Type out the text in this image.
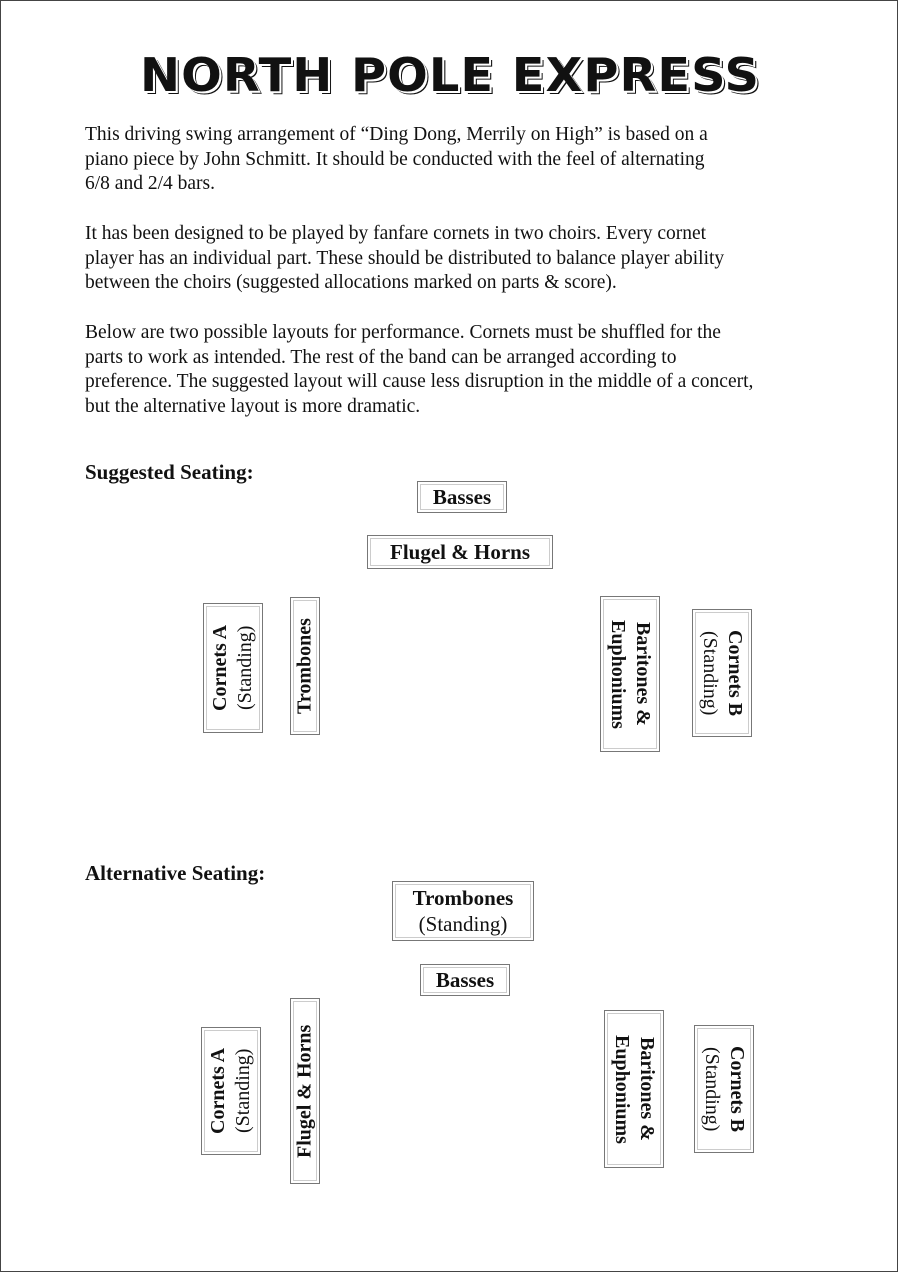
NORTH POLE EXPRESS

This driving swing arrangement of “Ding Dong, Merrily on High” is based on a
piano piece by John Schmitt. It should be conducted with the feel of alternating
6/8 and 2/4 bars.

It has been designed to be played by fanfare cornets in two choirs. Every cornet
player has an individual part. These should be distributed to balance player ability
between the choirs (suggested allocations marked on parts & score).

Below are two possible layouts for performance. Cornets must be shuffled for the
parts to work as intended. The rest of the band can be arranged according to
preference. The suggested layout will cause less disruption in the middle of a concert,
but the alternative layout is more dramatic.

Suggested Seating:
Basses
Flugel & Horns
Cornets A (Standing) Trombones	Baritones &
Euphoniums	Cornets B
(Standing)
Alternative Seating:
Trombones
(Standing)
Basses
Cornets A (Standing) Flugel & Horns	Baritones &
Euphoniums	Cornets B
(Standing)
